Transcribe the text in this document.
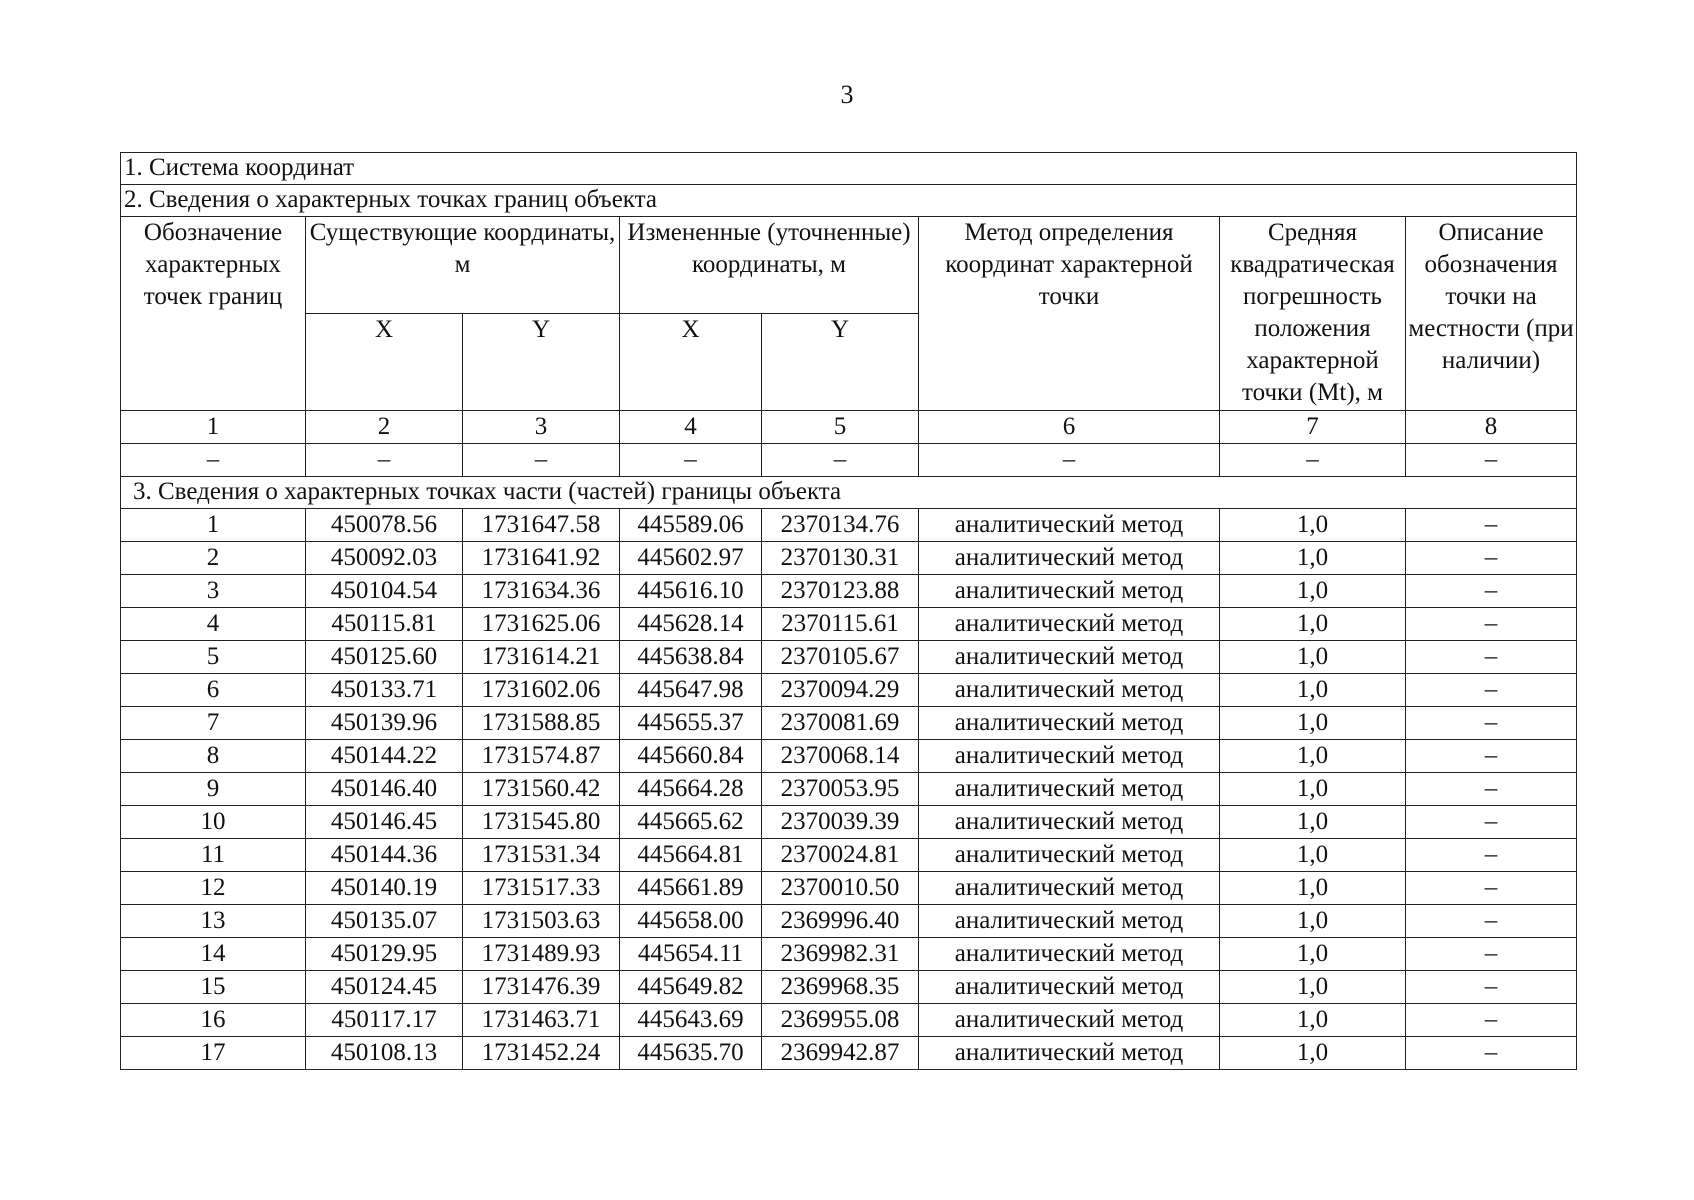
3
1. Система координат							
2. Сведения о характерных точках границ объекта							
Обозначение характерных точек границ	Существующие координаты, м		Измененные (уточненные) координаты, м		Метод определения координат характерной точки	Средняя квадратическая погрешность положения характерной точки (Mt), м	Описание обозначения точки на местности (при наличии)
	X	Y	X	Y			
1	2	3	4	5	6	7	8
–	–	–	–	–	–	–	–
3. Сведения о характерных точках части (частей) границы объекта							
1	450078.56	1731647.58	445589.06	2370134.76	аналитический метод	1,0	–
2	450092.03	1731641.92	445602.97	2370130.31	аналитический метод	1,0	–
3	450104.54	1731634.36	445616.10	2370123.88	аналитический метод	1,0	–
4	450115.81	1731625.06	445628.14	2370115.61	аналитический метод	1,0	–
5	450125.60	1731614.21	445638.84	2370105.67	аналитический метод	1,0	–
6	450133.71	1731602.06	445647.98	2370094.29	аналитический метод	1,0	–
7	450139.96	1731588.85	445655.37	2370081.69	аналитический метод	1,0	–
8	450144.22	1731574.87	445660.84	2370068.14	аналитический метод	1,0	–
9	450146.40	1731560.42	445664.28	2370053.95	аналитический метод	1,0	–
10	450146.45	1731545.80	445665.62	2370039.39	аналитический метод	1,0	–
11	450144.36	1731531.34	445664.81	2370024.81	аналитический метод	1,0	–
12	450140.19	1731517.33	445661.89	2370010.50	аналитический метод	1,0	–
13	450135.07	1731503.63	445658.00	2369996.40	аналитический метод	1,0	–
14	450129.95	1731489.93	445654.11	2369982.31	аналитический метод	1,0	–
15	450124.45	1731476.39	445649.82	2369968.35	аналитический метод	1,0	–
16	450117.17	1731463.71	445643.69	2369955.08	аналитический метод	1,0	–
17	450108.13	1731452.24	445635.70	2369942.87	аналитический метод	1,0	–
